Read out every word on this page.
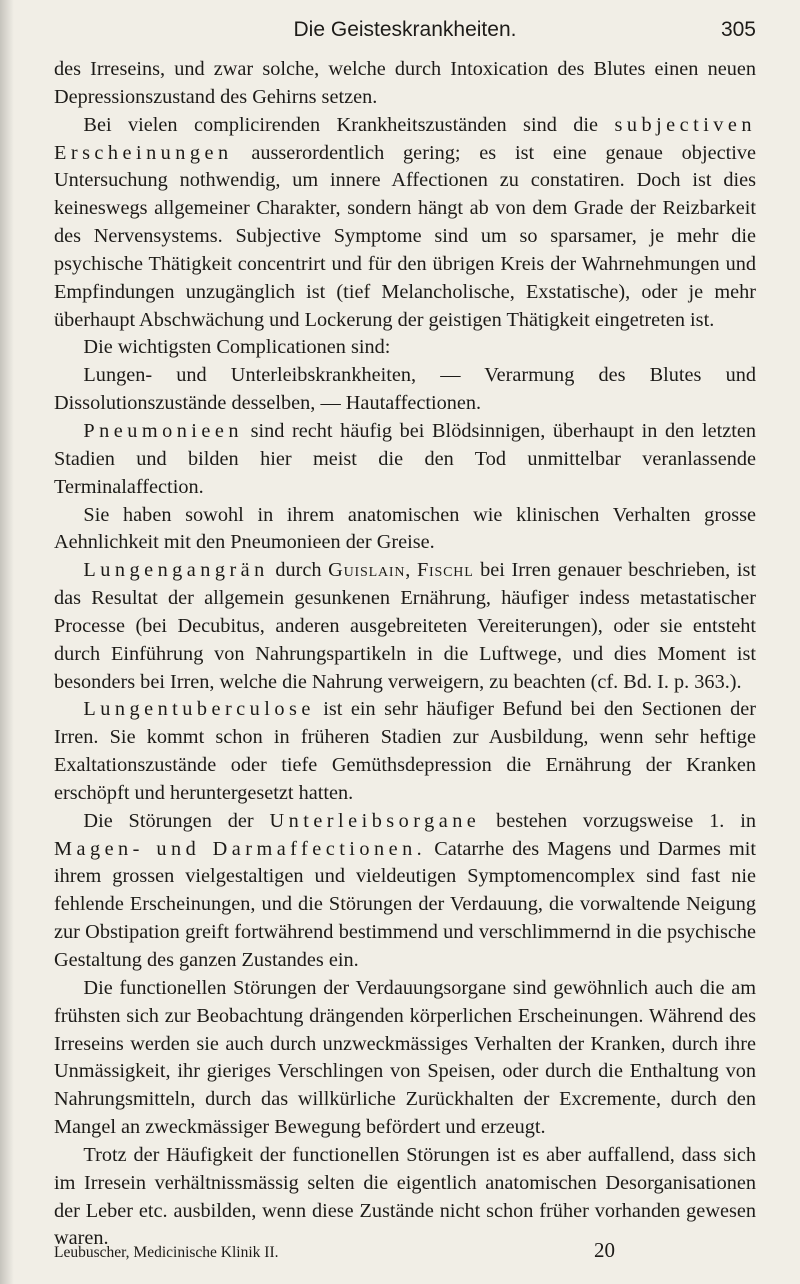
Die Geisteskrankheiten.	305

des Irreseins, und zwar solche, welche durch Intoxication des Blutes einen neuen Depressionszustand des Gehirns setzen.

Bei vielen complicirenden Krankheitszuständen sind die subjectiven Erscheinungen ausserordentlich gering; es ist eine genaue objective Untersuchung nothwendig, um innere Affectionen zu constatiren. Doch ist dies keineswegs allgemeiner Charakter, sondern hängt ab von dem Grade der Reizbarkeit des Nervensystems. Subjective Symptome sind um so sparsamer, je mehr die psychische Thätigkeit concentrirt und für den übrigen Kreis der Wahrnehmungen und Empfindungen unzugänglich ist (tief Melancholische, Exstatische), oder je mehr überhaupt Abschwächung und Lockerung der geistigen Thätigkeit eingetreten ist.

Die wichtigsten Complicationen sind:

Lungen- und Unterleibskrankheiten, — Verarmung des Blutes und Dissolutionszustände desselben, — Hautaffectionen.

Pneumonieen sind recht häufig bei Blödsinnigen, überhaupt in den letzten Stadien und bilden hier meist die den Tod unmittelbar veranlassende Terminalaffection.

Sie haben sowohl in ihrem anatomischen wie klinischen Verhalten grosse Aehnlichkeit mit den Pneumonieen der Greise.

Lungengangrän durch Guislain, Fischl bei Irren genauer beschrieben, ist das Resultat der allgemein gesunkenen Ernährung, häufiger indess metastatischer Processe (bei Decubitus, anderen ausgebreiteten Vereiterungen), oder sie entsteht durch Einführung von Nahrungspartikeln in die Luftwege, und dies Moment ist besonders bei Irren, welche die Nahrung verweigern, zu beachten (cf. Bd. I. p. 363.).

Lungentuberculose ist ein sehr häufiger Befund bei den Sectionen der Irren. Sie kommt schon in früheren Stadien zur Ausbildung, wenn sehr heftige Exaltationszustände oder tiefe Gemüthsdepression die Ernährung der Kranken erschöpft und heruntergesetzt hatten.

Die Störungen der Unterleibsorgane bestehen vorzugsweise 1. in Magen- und Darmaffectionen. Catarrhe des Magens und Darmes mit ihrem grossen vielgestaltigen und vieldeutigen Symptomencomplex sind fast nie fehlende Erscheinungen, und die Störungen der Verdauung, die vorwaltende Neigung zur Obstipation greift fortwährend bestimmend und verschlimmernd in die psychische Gestaltung des ganzen Zustandes ein.

Die functionellen Störungen der Verdauungsorgane sind gewöhnlich auch die am frühsten sich zur Beobachtung drängenden körperlichen Erscheinungen. Während des Irreseins werden sie auch durch unzweckmässiges Verhalten der Kranken, durch ihre Unmässigkeit, ihr gieriges Verschlingen von Speisen, oder durch die Enthaltung von Nahrungsmitteln, durch das willkürliche Zurückhalten der Excremente, durch den Mangel an zweckmässiger Bewegung befördert und erzeugt.

Trotz der Häufigkeit der functionellen Störungen ist es aber auffallend, dass sich im Irresein verhältnissmässig selten die eigentlich anatomischen Desorganisationen der Leber etc. ausbilden, wenn diese Zustände nicht schon früher vorhanden gewesen waren.

Leubuscher, Medicinische Klinik II.	20
